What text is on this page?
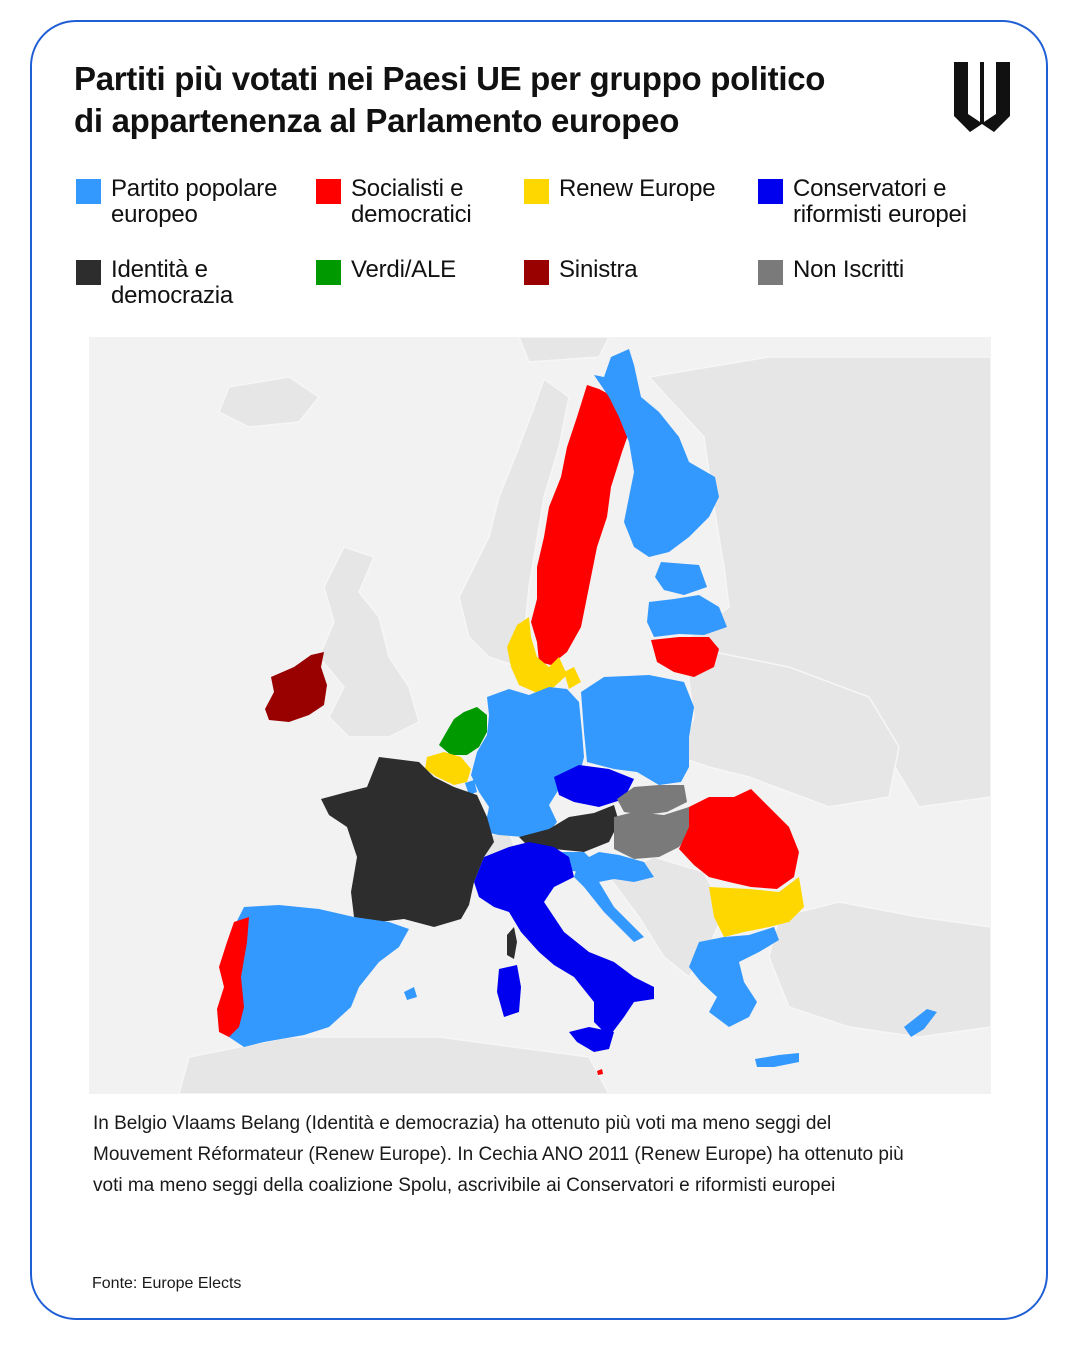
Partiti più votati nei Paesi UE per gruppo politico
di appartenenza al Parlamento europeo
Partito popolare europeo
Socialisti e democratici
Renew Europe	Conservatori e riformisti europei
Identità e democrazia
Verdi/ALE	Sinistra	Non Iscritti

In Belgio Vlaams Belang (Identità e democrazia) ha ottenuto più voti ma meno seggi del Mouvement Réformateur (Renew Europe). In Cechia ANO 2011 (Renew Europe) ha ottenuto più voti ma meno seggi della coalizione Spolu, ascrivibile ai Conservatori e riformisti europei

Fonte: Europe Elects
